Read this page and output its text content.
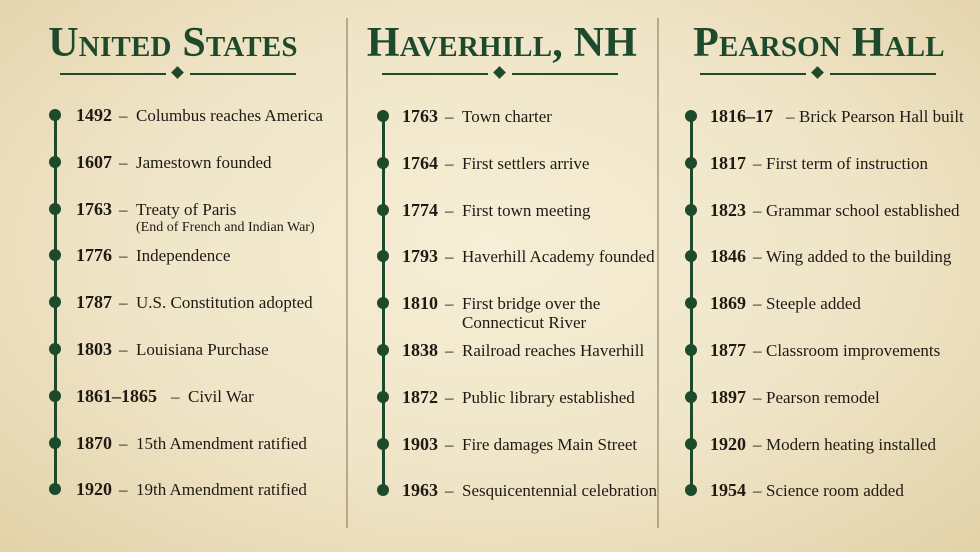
United States
1492 – Columbus reaches America
1607 – Jamestown founded
1763 – Treaty of Paris
(End of French and Indian War)
1776 – Independence
1787 – U.S. Constitution adopted
1803 – Louisiana Purchase
1861–1865 – Civil War
1870 – 15th Amendment ratified
1920 – 19th Amendment ratified
Haverhill, NH
1763 – Town charter
1764 – First settlers arrive
1774 – First town meeting
1793 – Haverhill Academy founded
1810 – First bridge over the
Connecticut River
1838 – Railroad reaches Haverhill
1872 – Public library established
1903 – Fire damages Main Street
1963 – Sesquicentennial celebration
Pearson Hall
1816–17 – Brick Pearson Hall built
1817 – First term of instruction
1823 – Grammar school established
1846 – Wing added to the building
1869 – Steeple added
1877 – Classroom improvements
1897 – Pearson remodel
1920 – Modern heating installed
1954 – Science room added
